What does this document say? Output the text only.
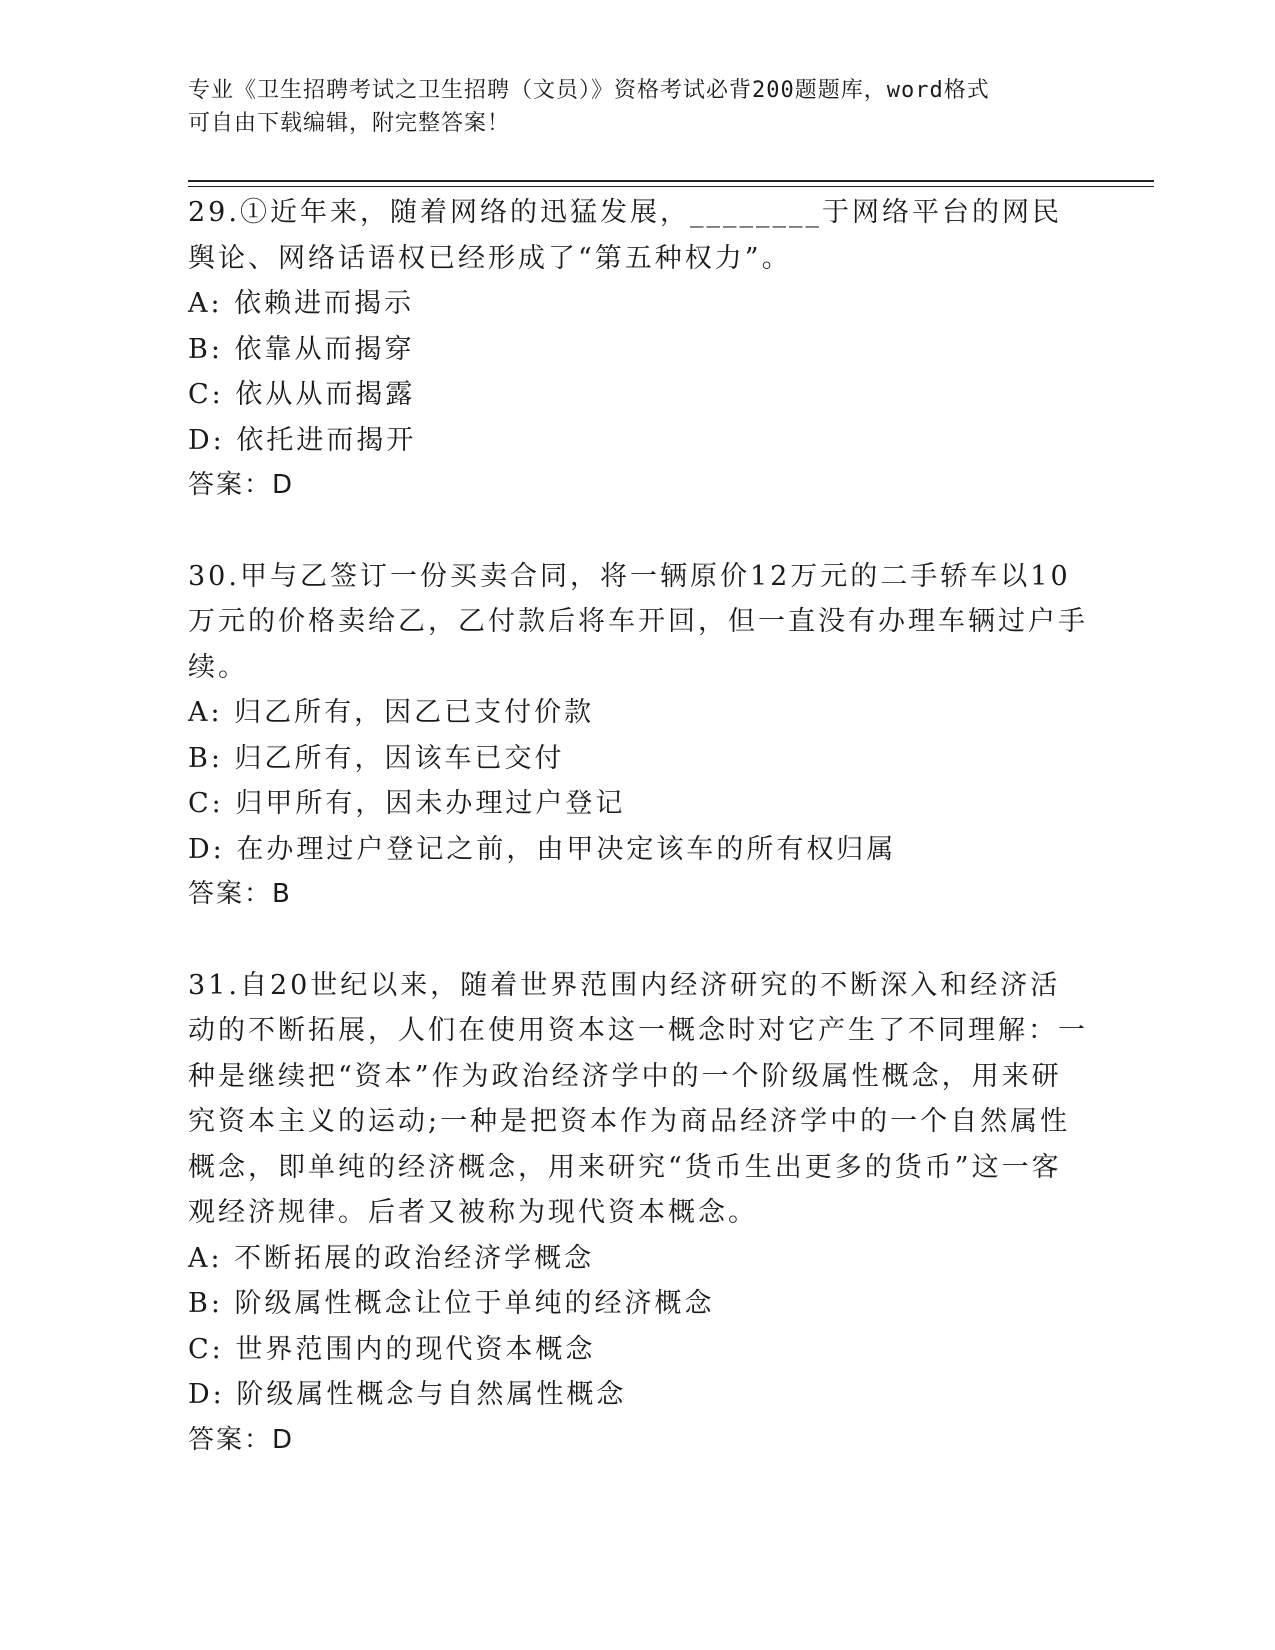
专业《卫生招聘考试之卫生招聘（文员）》资格考试必背200题题库，word格式
可自由下载编辑，附完整答案！

29.①近年来，随着网络的迅猛发展，________于网络平台的网民舆论、网络话语权已经形成了“第五种权力”。

A: 依赖进而揭示

B: 依靠从而揭穿

C: 依从从而揭露

D: 依托进而揭开

答案：D

30.甲与乙签订一份买卖合同，将一辆原价12万元的二手轿车以10万元的价格卖给乙，乙付款后将车开回，但一直没有办理车辆过户手续。

A: 归乙所有，因乙已支付价款

B: 归乙所有，因该车已交付

C: 归甲所有，因未办理过户登记

D: 在办理过户登记之前，由甲决定该车的所有权归属

答案：B

31.自20世纪以来，随着世界范围内经济研究的不断深入和经济活动的不断拓展，人们在使用资本这一概念时对它产生了不同理解：一种是继续把“资本”作为政治经济学中的一个阶级属性概念，用来研究资本主义的运动;一种是把资本作为商品经济学中的一个自然属性概念，即单纯的经济概念，用来研究“货币生出更多的货币”这一客观经济规律。后者又被称为现代资本概念。

A: 不断拓展的政治经济学概念

B: 阶级属性概念让位于单纯的经济概念

C: 世界范围内的现代资本概念

D: 阶级属性概念与自然属性概念

答案：D
